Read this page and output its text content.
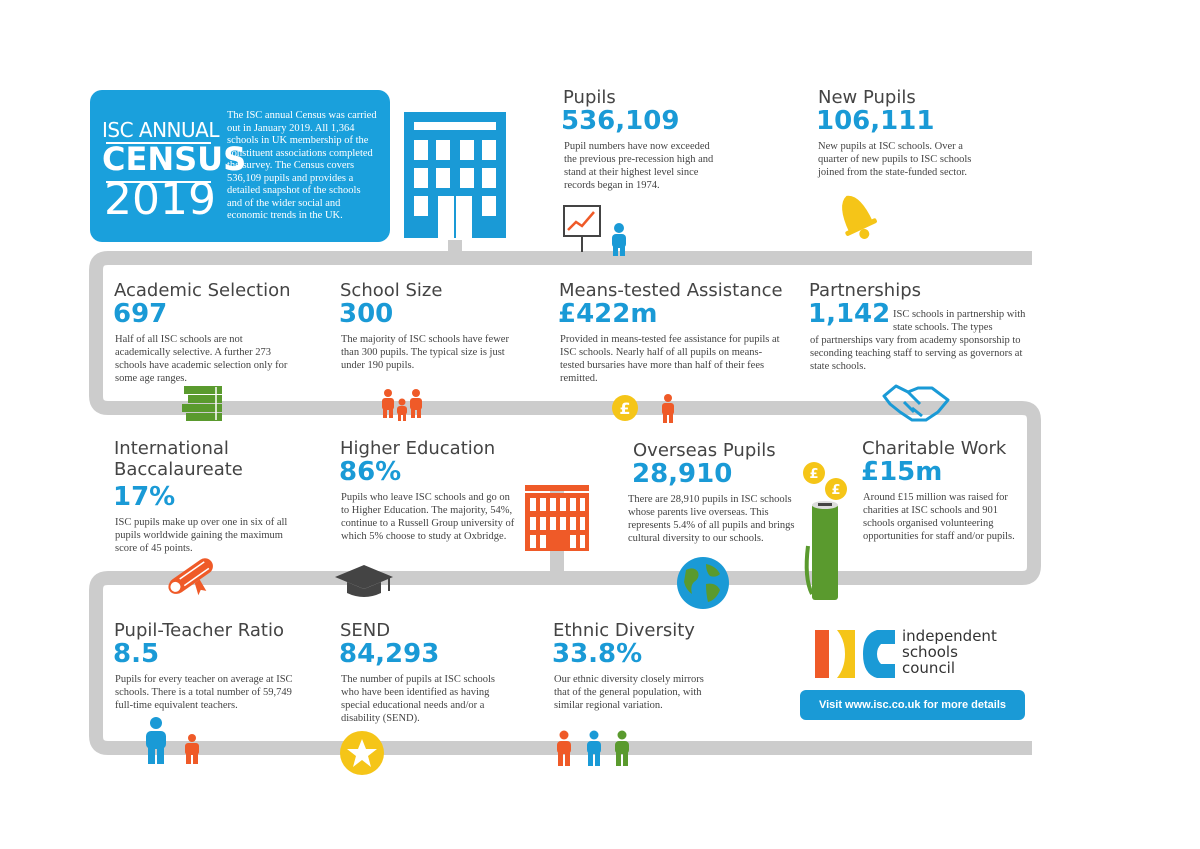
ISC ANNUAL
CENSUS
2019
The ISC annual Census was carried out in January 2019. All 1,364 schools in UK membership of the constituent associations completed the survey. The Census covers 536,109 pupils and provides a detailed snapshot of the schools and of the wider social and economic trends in the UK.
Pupils
536,109
Pupil numbers have now exceeded the previous pre-recession high and stand at their highest level since records began in 1974.
New Pupils
106,111
New pupils at ISC schools. Over a quarter of new pupils to ISC schools joined from the state-funded sector.
Academic Selection
697
Half of all ISC schools are not academically selective. A further 273 schools have academic selection only for some age ranges.
School Size
300
The majority of ISC schools have fewer than 300 pupils. The typical size is just under 190 pupils.
Means-tested Assistance
£422m
Provided in means-tested fee assistance for pupils at ISC schools. Nearly half of all pupils on means-tested bursaries have more than half of their fees remitted.
£
Partnerships
1,142 ISC schools in partnership with state schools. The types
of partnerships vary from academy sponsorship to seconding teaching staff to serving as governors at state schools.
International
Baccalaureate
17%
ISC pupils make up over one in six of all pupils worldwide gaining the maximum score of 45 points.
Higher Education
86%
Pupils who leave ISC schools and go on to Higher Education. The majority, 54%, continue to a Russell Group university of which 5% choose to study at Oxbridge.
Overseas Pupils
28,910
There are 28,910 pupils in ISC schools whose parents live overseas. This represents 5.4% of all pupils and brings cultural diversity to our schools.
£
£
Charitable Work
£15m
Around £15 million was raised for charities at ISC schools and 901 schools organised volunteering opportunities for staff and/or pupils.
Pupil-Teacher Ratio
8.5
Pupils for every teacher on average at ISC schools. There is a total number of 59,749 full-time equivalent teachers.
SEND
84,293
The number of pupils at ISC schools who have been identified as having special educational needs and/or a disability (SEND).
Ethnic Diversity
33.8%
Our ethnic diversity closely mirrors that of the general population, with similar regional variation.
independent
schools
council
Visit www.isc.co.uk for more details
